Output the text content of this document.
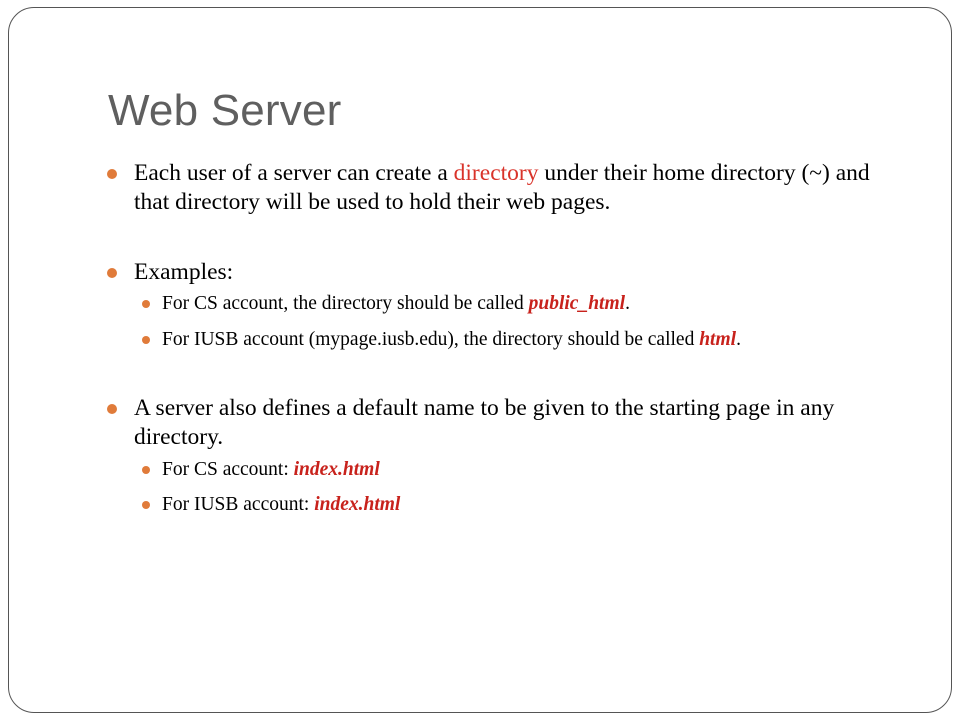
Web Server
Each user of a server can create a directory under their home directory (~) and that directory will be used to hold their web pages.
Examples:
For CS account, the directory should be called public_html.
For IUSB account (mypage.iusb.edu), the directory should be called html.
A server also defines a default name to be given to the starting page in any directory.
For CS account: index.html
For IUSB account: index.html
